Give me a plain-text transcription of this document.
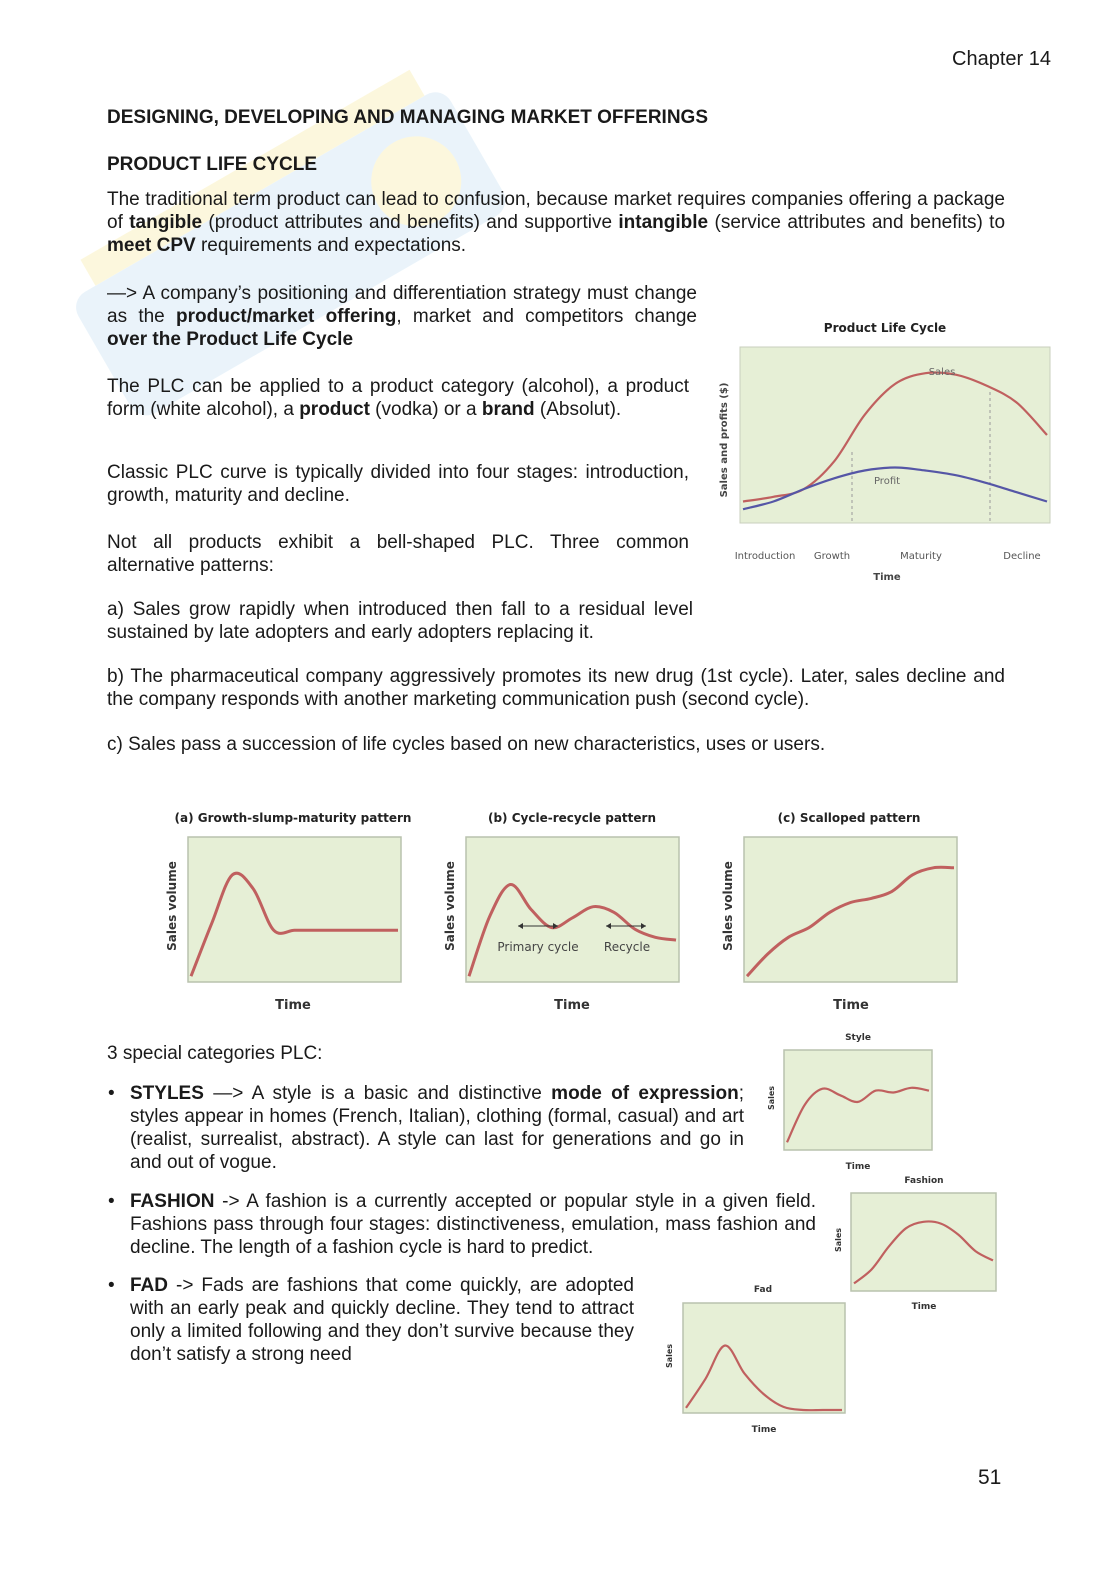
Chapter 14
DESIGNING, DEVELOPING AND MANAGING MARKET OFFERINGS
PRODUCT LIFE CYCLE

The traditional term product can lead to confusion, because market requires companies offering a package of tangible (product attributes and benefits) and supportive intangible (service attributes and benefits) to meet CPV requirements and expectations.

—> A company’s positioning and differentiation strategy must change as the product/market offering, market and competitors change over the Product Life Cycle

The PLC can be applied to a product category (alcohol), a product form (white alcohol), a product (vodka) or a brand (Absolut).

Classic PLC curve is typically divided into four stages: introduction, growth, maturity and decline.

Not all products exhibit a bell-shaped PLC. Three common alternative patterns:

a) Sales grow rapidly when introduced then fall to a residual level sustained by late adopters and early adopters replacing it.

b) The pharmaceutical company aggressively promotes its new drug (1st cycle). Later, sales decline and the company responds with another marketing communication push (second cycle).

c) Sales pass a succession of life cycles based on new characteristics, uses or users.

Product Life Cycle
Sales
Profit
Introduction Growth	Maturity	Decline
Time
Sales and profits ($)
(a) Growth-slump-maturity pattern
Time
Sales volume
(b) Cycle-recycle pattern
Primary cycle Recycle
Time
Sales volume
(c) Scalloped pattern
Time
Sales volume

3 special categories PLC:

• STYLES —> A style is a basic and distinctive mode of expression; styles appear in homes (French, Italian), clothing (formal, casual) and art (realist, surrealist, abstract). A style can last for generations and go in and out of vogue.
• FASHION -> A fashion is a currently accepted or popular style in a given field. Fashions pass through four stages: distinctiveness, emulation, mass fashion and decline. The length of a fashion cycle is hard to predict.
• FAD -> Fads are fashions that come quickly, are adopted with an early peak and quickly decline. They tend to attract only a limited following and they don’t survive because they don’t satisfy a strong need
Style
Time
Sales
Fashion
Time
Sales
Fad
Time
Sales
51
